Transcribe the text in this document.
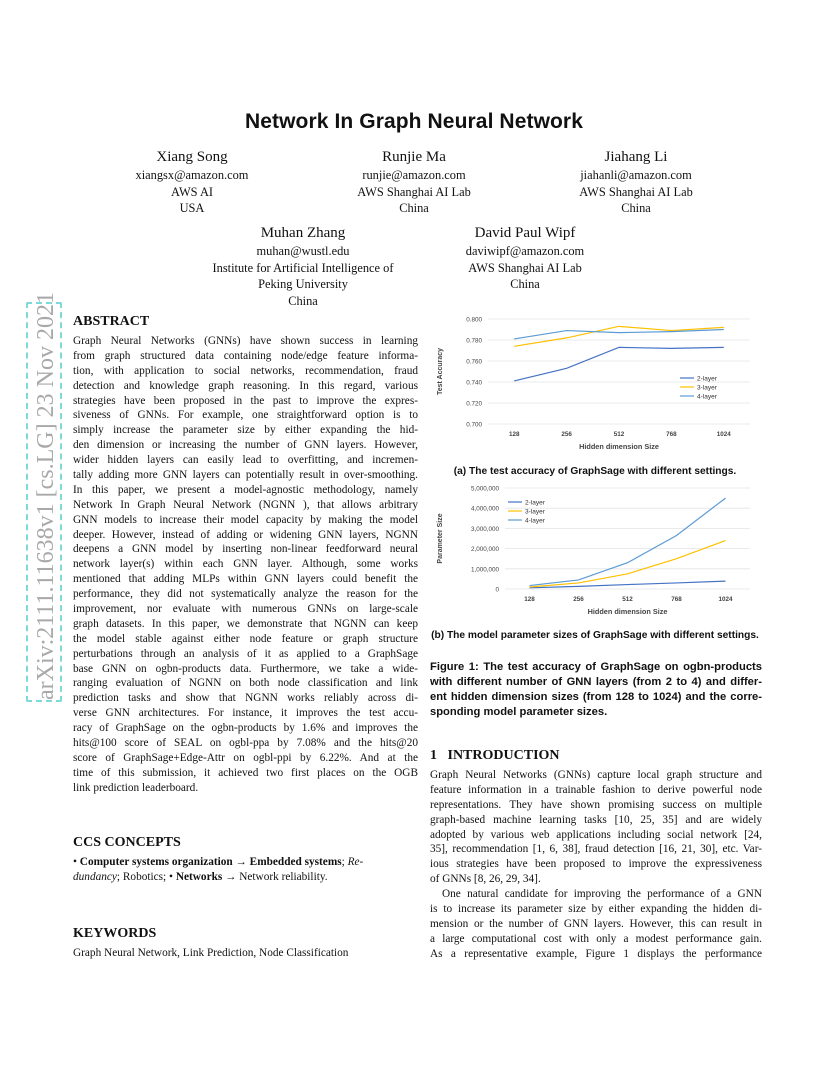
Network In Graph Neural Network
arXiv:2111.11638v1 [cs.LG] 23 Nov 2021
Xiang Song
xiangsx@amazon.com
AWS AI
USA
Runjie Ma
runjie@amazon.com
AWS Shanghai AI Lab
China
Jiahang Li
jiahanli@amazon.com
AWS Shanghai AI Lab
China
Muhan Zhang
muhan@wustl.edu
Institute for Artificial Intelligence of
Peking University
China
David Paul Wipf
daviwipf@amazon.com
AWS Shanghai AI Lab
China
ABSTRACT
Graph Neural Networks (GNNs) have shown success in learning
from graph structured data containing node/edge feature informa-
tion, with application to social networks, recommendation, fraud
detection and knowledge graph reasoning. In this regard, various
strategies have been proposed in the past to improve the expres-
siveness of GNNs. For example, one straightforward option is to
simply increase the parameter size by either expanding the hid-
den dimension or increasing the number of GNN layers. However,
wider hidden layers can easily lead to overfitting, and incremen-
tally adding more GNN layers can potentially result in over-smoothing.
In this paper, we present a model-agnostic methodology, namely
Network In Graph Neural Network (NGNN ), that allows arbitrary
GNN models to increase their model capacity by making the model
deeper. However, instead of adding or widening GNN layers, NGNN
deepens a GNN model by inserting non-linear feedforward neural
network layer(s) within each GNN layer. Although, some works
mentioned that adding MLPs within GNN layers could benefit the
performance, they did not systematically analyze the reason for the
improvement, nor evaluate with numerous GNNs on large-scale
graph datasets. In this paper, we demonstrate that NGNN can keep
the model stable against either node feature or graph structure
perturbations through an analysis of it as applied to a GraphSage
base GNN on ogbn-products data. Furthermore, we take a wide-
ranging evaluation of NGNN on both node classification and link
prediction tasks and show that NGNN works reliably across di-
verse GNN architectures. For instance, it improves the test accu-
racy of GraphSage on the ogbn-products by 1.6% and improves the
hits@100 score of SEAL on ogbl-ppa by 7.08% and the hits@20
score of GraphSage+Edge-Attr on ogbl-ppi by 6.22%. And at the
time of this submission, it achieved two first places on the OGB
link prediction leaderboard.
CCS CONCEPTS
• Computer systems organization → Embedded systems; Re-
dundancy; Robotics; • Networks → Network reliability.
KEYWORDS
Graph Neural Network, Link Prediction, Node Classification
0.700
0.720
0.740
0.760
0.780
0.800
128	256	512	768	1024
Hidden dimension Size
Test Accuracy	2-layer
3-layer
4-layer
(a) The test accuracy of GraphSage with different settings.
0
1,000,000
2,000,000
3,000,000
4,000,000
5,000,000
128	256	512	768	1024
Hidden dimension Size
Parameter Size
2-layer
3-layer
4-layer
(b) The model parameter sizes of GraphSage with different settings.
Figure 1: The test accuracy of GraphSage on ogbn-products
with different number of GNN layers (from 2 to 4) and differ-
ent hidden dimension sizes (from 128 to 1024) and the corre-
sponding model parameter sizes.
1 INTRODUCTION
Graph Neural Networks (GNNs) capture local graph structure and
feature information in a trainable fashion to derive powerful node
representations. They have shown promising success on multiple
graph-based machine learning tasks [10, 25, 35] and are widely
adopted by various web applications including social network [24,
35], recommendation [1, 6, 38], fraud detection [16, 21, 30], etc. Var-
ious strategies have been proposed to improve the expressiveness
of GNNs [8, 26, 29, 34].
One natural candidate for improving the performance of a GNN
is to increase its parameter size by either expanding the hidden di-
mension or the number of GNN layers. However, this can result in
a large computational cost with only a modest performance gain.
As a representative example, Figure 1 displays the performance
